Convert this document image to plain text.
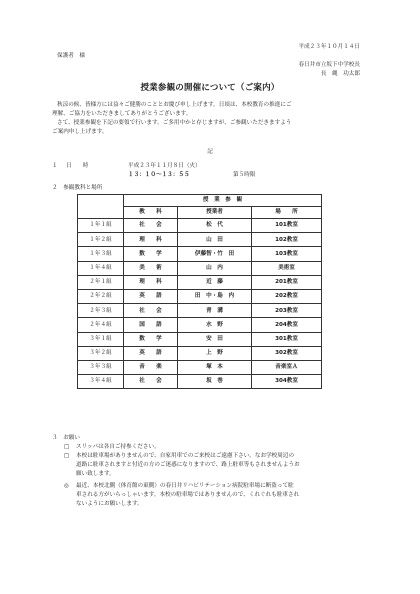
平成２３年１０月１４日
保護者　様
春日井市立坂下中学校長
長　縄　功太郎
授業参観の開催について（ご案内）
秋涼の候、皆様方には益々ご健勝のこととお慶び申し上げます。日頃は、本校教育の推進にご
理解、ご協力をいただきましてありがとうございます。
さて、授業参観を下記の要領で行います。ご多用中かと存じますが、ご参観いただきますよう
ご案内申し上げます。
記
１ 日　　時	平成２３年１１月８日（火）
１３：１０～１３：５５	第５時限
２　参観教科と場所
	授　業　参　観		
	教　　科	授業者	場　　所
１年１組	社　　会	松　代	101教室
１年２組	理　　科	山　田	102教室
１年３組	数　　学	伊藤智・竹　田	103教室
１年４組	美　　術	山　内	美術室
２年１組	理　　科	近　藤	201教室
２年２組	英　　語	田　中・島　内	202教室
２年３組	社　　会	青　溝	203教室
２年４組	国　　語	水　野	204教室
３年１組	数　　学	安　田	301教室
３年２組	英　　語	上　野	302教室
３年３組	音　　楽	塚　本	音楽室Ａ
３年４組	社　　会	坂　巻	304教室
３　お願い
□ スリッパは各自ご持参ください。
□ 本校は駐車場がありませんので、自家用車でのご来校はご遠慮下さい。なお学校周辺の
道路に駐車されますと付近の方のご迷惑になりますので、路上駐車等もされませんようお
願い致します。
◎ 最近、本校北側（体育館の東側）の春日井リハビリテーション病院駐車場に断盗って駐
車される方がいらっしゃいます。本校の駐車場ではありませんので、くれぐれも駐車され
ないようにお願いします。
